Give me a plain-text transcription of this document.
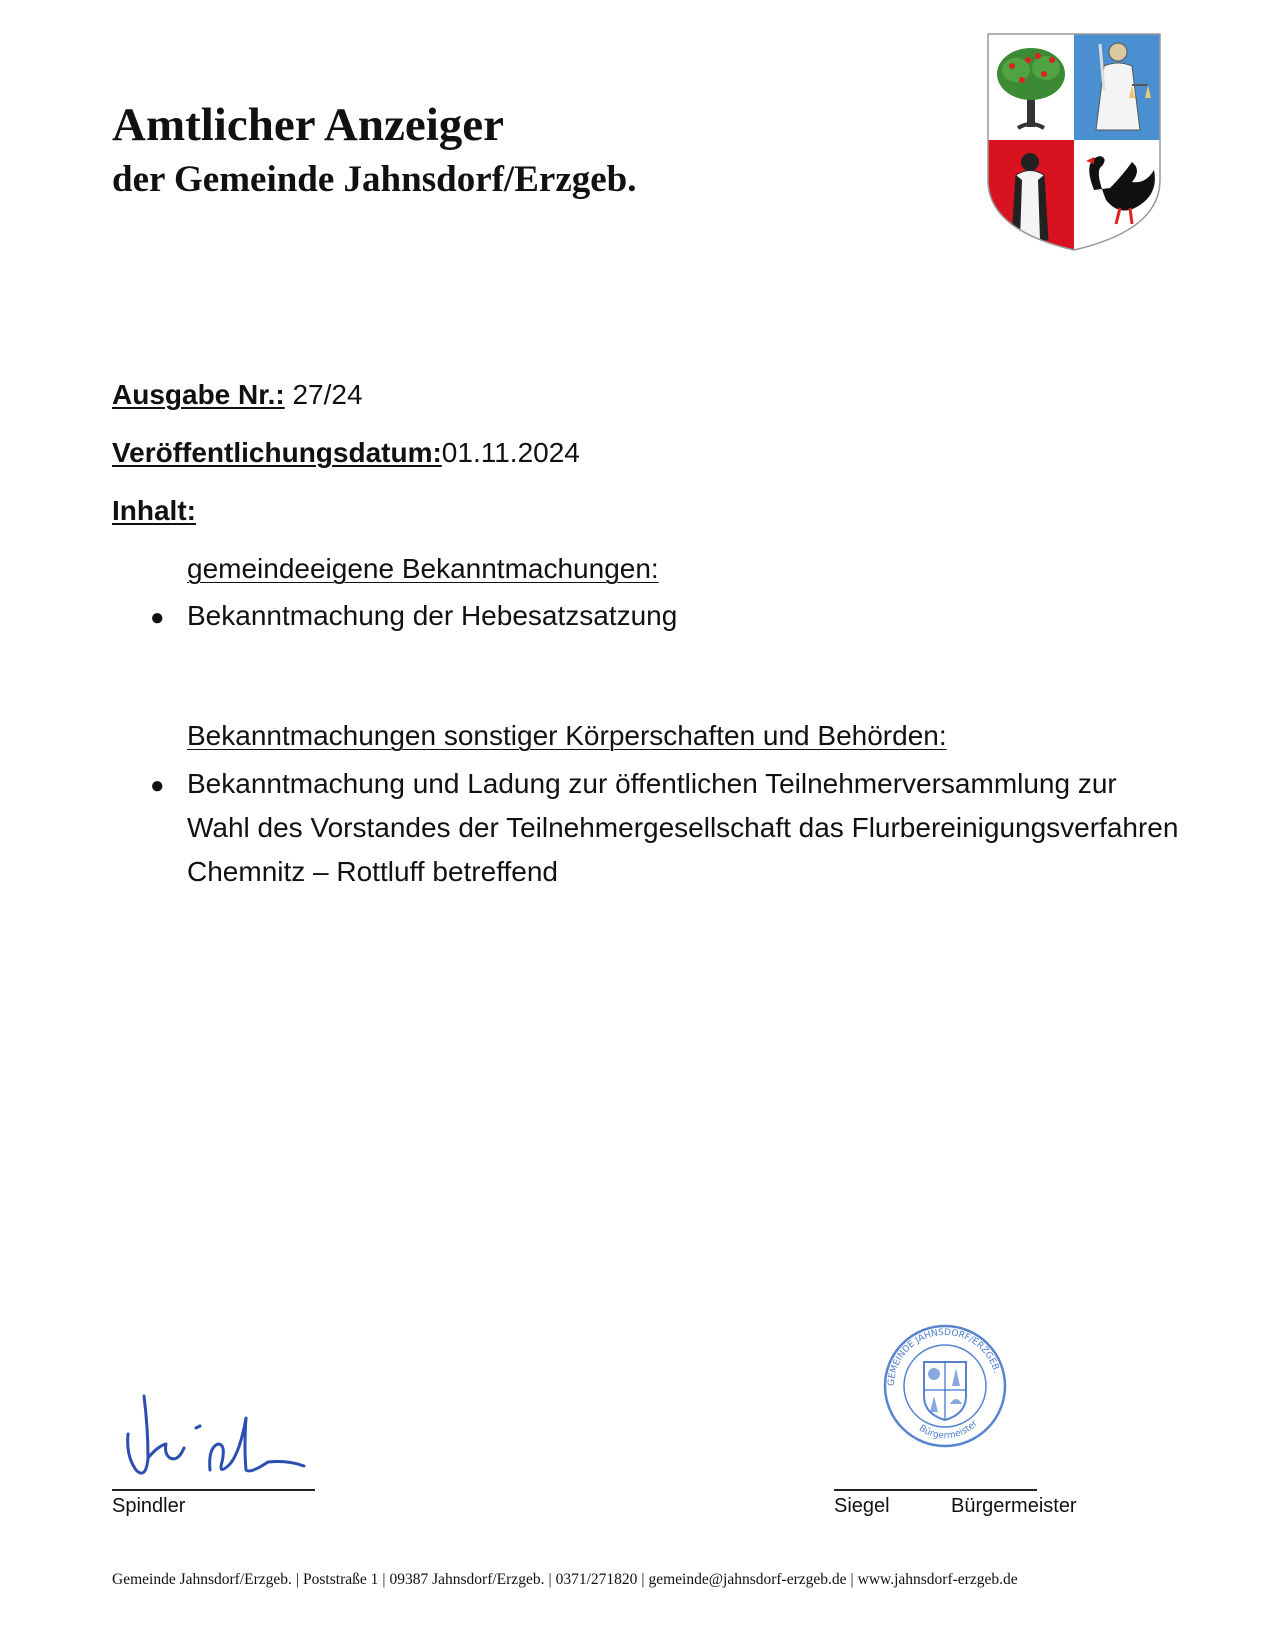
Amtlicher Anzeiger
der Gemeinde Jahnsdorf/Erzgeb.
Ausgabe Nr.: 27/24
Veröffentlichungsdatum:01.11.2024
Inhalt:
gemeindeeigene Bekanntmachungen:
● Bekanntmachung der Hebesatzsatzung
Bekanntmachungen sonstiger Körperschaften und Behörden:
● Bekanntmachung und Ladung zur öffentlichen Teilnehmerversammlung zur Wahl des Vorstandes der Teilnehmergesellschaft das Flurbereinigungsverfahren Chemnitz – Rottluff betreffend
Spindler
GEMEINDE JAHNSDORF/ERZGEB.
Bürgermeister
Siegel	Bürgermeister
Gemeinde Jahnsdorf/Erzgeb. | Poststraße 1 | 09387 Jahnsdorf/Erzgeb. | 0371/271820 | gemeinde@jahnsdorf-erzgeb.de | www.jahnsdorf-erzgeb.de
